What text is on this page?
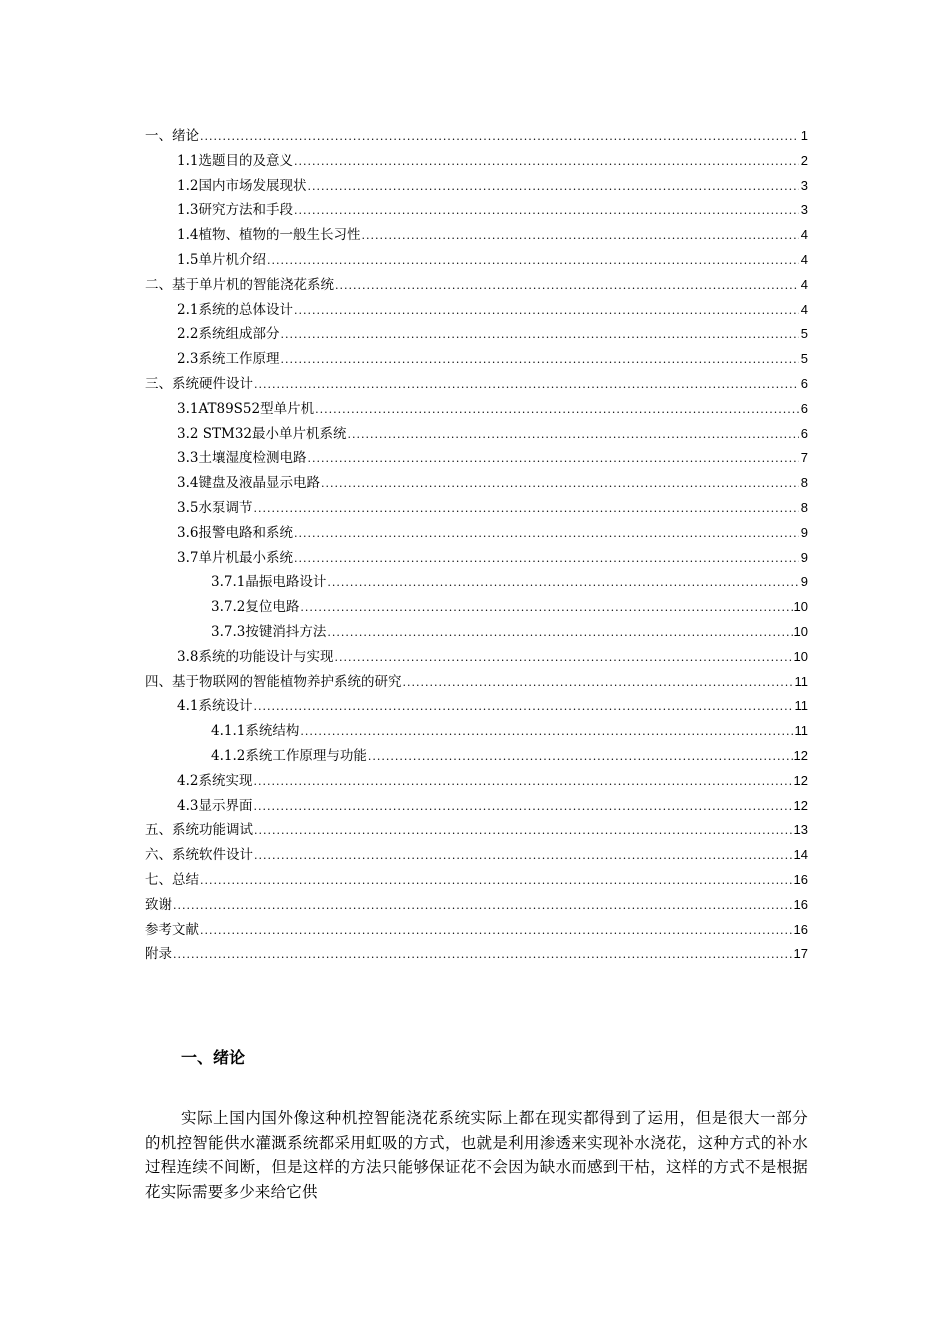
一、绪论 .....	1
1.1选题目的及意义 .....	2
1.2国内市场发展现状 .....	3
1.3研究方法和手段 .....	3
1.4植物、植物的一般生长习性 .....	4
1.5单片机介绍 .....	4
二、基于单片机的智能浇花系统 .....	4
2.1系统的总体设计 .....	4
2.2系统组成部分 .....	5
2.3系统工作原理 .....	5
三、系统硬件设计 .....	6
3.1AT89S52型单片机 .....	6
3.2 STM32最小单片机系统 .....	6
3.3土壤湿度检测电路 .....	7
3.4键盘及液晶显示电路 .....	8
3.5水泵调节 .....	8
3.6报警电路和系统 .....	9
3.7单片机最小系统 .....	9
3.7.1晶振电路设计 .....	9
3.7.2复位电路 .....	10
3.7.3按键消抖方法 .....	10
3.8系统的功能设计与实现 .....	10
四、基于物联网的智能植物养护系统的研究 .....	11
4.1系统设计 .....	11
4.1.1系统结构 .....	11
4.1.2系统工作原理与功能 .....	12
4.2系统实现 .....	12
4.3显示界面 .....	12
五、系统功能调试 .....	13
六、系统软件设计 .....	14
七、总结 .....	16
致谢 .....	16
参考文献 .....	16
附录 .....	17
一、绪论

实际上国内国外像这种机控智能浇花系统实际上都在现实都得到了运用，但是很大一部分的机控智能供水灌溉系统都采用虹吸的方式，也就是利用渗透来实现补水浇花，这种方式的补水过程连续不间断，但是这样的方法只能够保证花不会因为缺水而感到干枯，这样的方式不是根据花实际需要多少来给它供
